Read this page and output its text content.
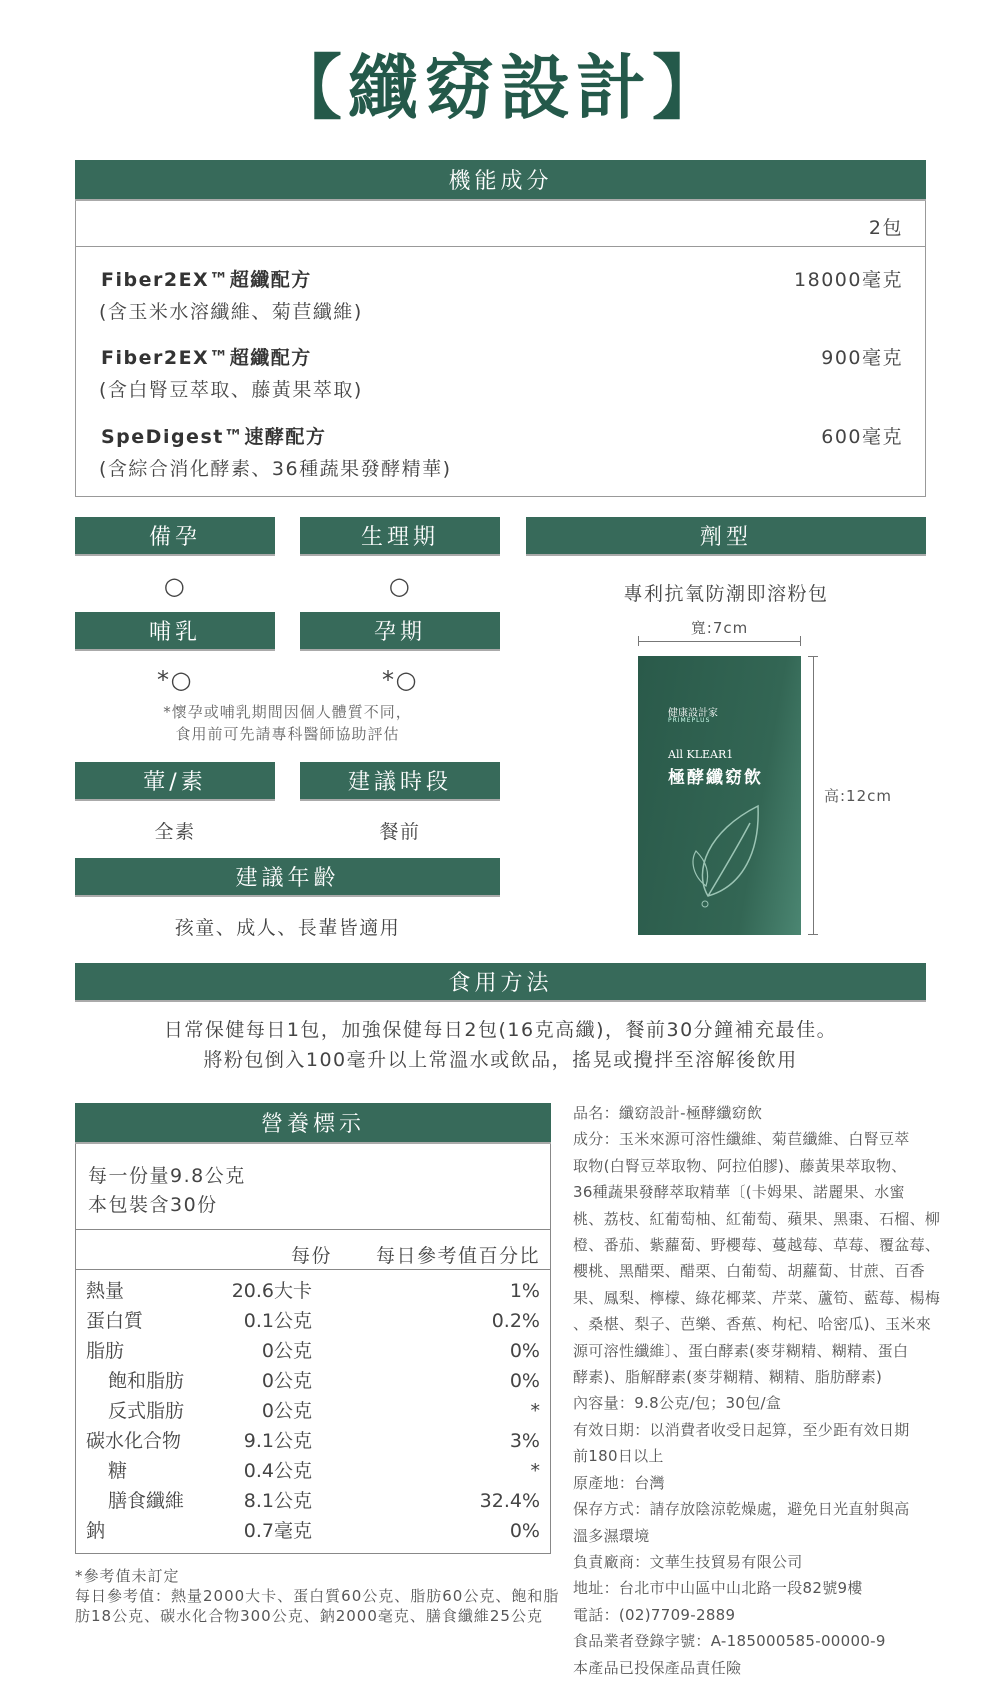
【纖窈設計】
機能成分
2包
Fiber2EX™超纖配方
(含玉米水溶纖維、菊苣纖維)
18000毫克
Fiber2EX™超纖配方
(含白腎豆萃取、藤黃果萃取)
900毫克
SpeDigest™速酵配方
(含綜合消化酵素、36種蔬果發酵精華)
600毫克
備孕	生理期
○	○
哺乳	孕期
*○	*○
*懷孕或哺乳期間因個人體質不同，
食用前可先請專科醫師協助評估
葷/素	建議時段
全素	餐前
建議年齡
孩童、成人、長輩皆適用
劑型
專利抗氧防潮即溶粉包
寬:7cm
健康設計家
PRIMEPLUS
All KLEAR1
極酵纖窈飲
高:12cm
食用方法
日常保健每日1包，加強保健每日2包(16克高纖)，餐前30分鐘補充最佳。
將粉包倒入100毫升以上常溫水或飲品，搖晃或攪拌至溶解後飲用
營養標示
每一份量9.8公克
本包裝含30份
每份 每日參考值百分比
熱量	20.6大卡	1%
蛋白質	0.1公克	0.2%
脂肪	0公克	0%
飽和脂肪	0公克	0%
反式脂肪	0公克	*
碳水化合物	9.1公克	3%
糖	0.4公克	*
膳食纖維	8.1公克	32.4%
鈉	0.7毫克	0%
*參考值未訂定
每日參考值：熱量2000大卡、蛋白質60公克、脂肪60公克、飽和脂
肪18公克、碳水化合物300公克、鈉2000毫克、膳食纖維25公克
品名：纖窈設計-極酵纖窈飲
成分：玉米來源可溶性纖維、菊苣纖維、白腎豆萃
取物(白腎豆萃取物、阿拉伯膠)、藤黃果萃取物、
36種蔬果發酵萃取精華〔(卡姆果、諾麗果、水蜜
桃、荔枝、紅葡萄柚、紅葡萄、蘋果、黑棗、石榴、柳
橙、番茄、紫蘿蔔、野櫻莓、蔓越莓、草莓、覆盆莓、
櫻桃、黑醋栗、醋栗、白葡萄、胡蘿蔔、甘蔗、百香
果、鳳梨、檸檬、綠花椰菜、芹菜、蘆筍、藍莓、楊梅
、桑椹、梨子、芭樂、香蕉、枸杞、哈密瓜)、玉米來
源可溶性纖維〕、蛋白酵素(麥芽糊精、糊精、蛋白
酵素)、脂解酵素(麥芽糊精、糊精、脂肪酵素)
內容量：9.8公克/包；30包/盒
有效日期：以消費者收受日起算，至少距有效日期
前180日以上
原產地：台灣
保存方式：請存放陰涼乾燥處，避免日光直射與高
溫多濕環境
負責廠商：文華生技貿易有限公司
地址：台北市中山區中山北路一段82號9樓
電話：(02)7709-2889
食品業者登錄字號：A-185000585-00000-9
本產品已投保產品責任險
